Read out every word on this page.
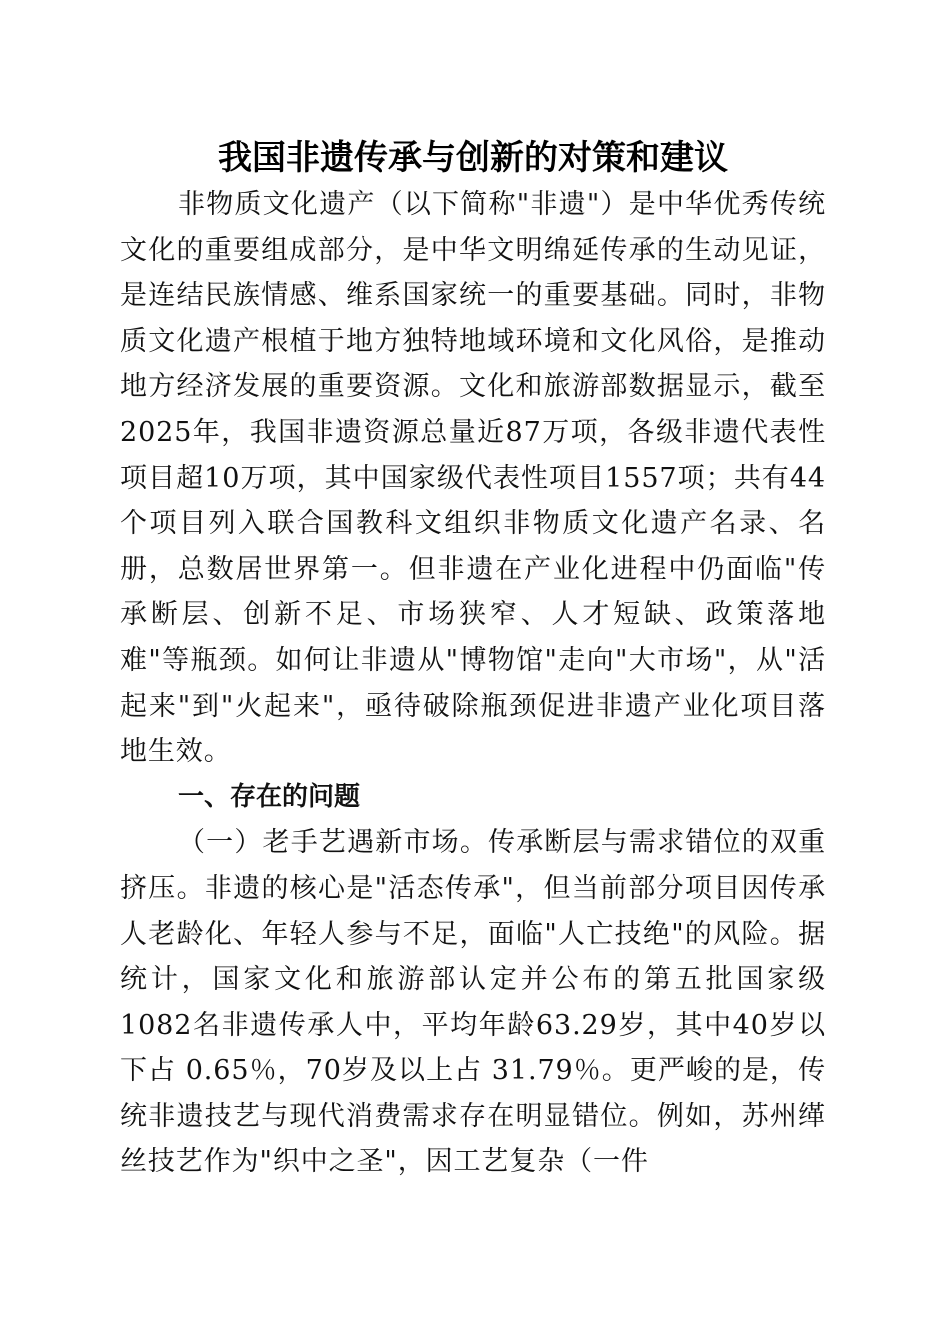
我国非遗传承与创新的对策和建议

非物质文化遗产（以下简称"非遗"）是中华优秀传统文化的重要组成部分，是中华文明绵延传承的生动见证，是连结民族情感、维系国家统一的重要基础。同时，非物质文化遗产根植于地方独特地域环境和文化风俗，是推动地方经济发展的重要资源。文化和旅游部数据显示，截至2025年，我国非遗资源总量近87万项，各级非遗代表性项目超10万项，其中国家级代表性项目1557项；共有44个项目列入联合国教科文组织非物质文化遗产名录、名册，总数居世界第一。但非遗在产业化进程中仍面临"传承断层、创新不足、市场狭窄、人才短缺、政策落地难"等瓶颈。如何让非遗从"博物馆"走向"大市场"，从"活起来"到"火起来"，亟待破除瓶颈促进非遗产业化项目落地生效。

一、存在的问题

（一）老手艺遇新市场。传承断层与需求错位的双重挤压。非遗的核心是"活态传承"，但当前部分项目因传承人老龄化、年轻人参与不足，面临"人亡技绝"的风险。据统计，国家文化和旅游部认定并公布的第五批国家级1082名非遗传承人中，平均年龄63.29岁，其中40岁以下占 0.65％，70岁及以上占 31.79％。更严峻的是，传统非遗技艺与现代消费需求存在明显错位。例如，苏州缂丝技艺作为"织中之圣"，因工艺复杂（一件
